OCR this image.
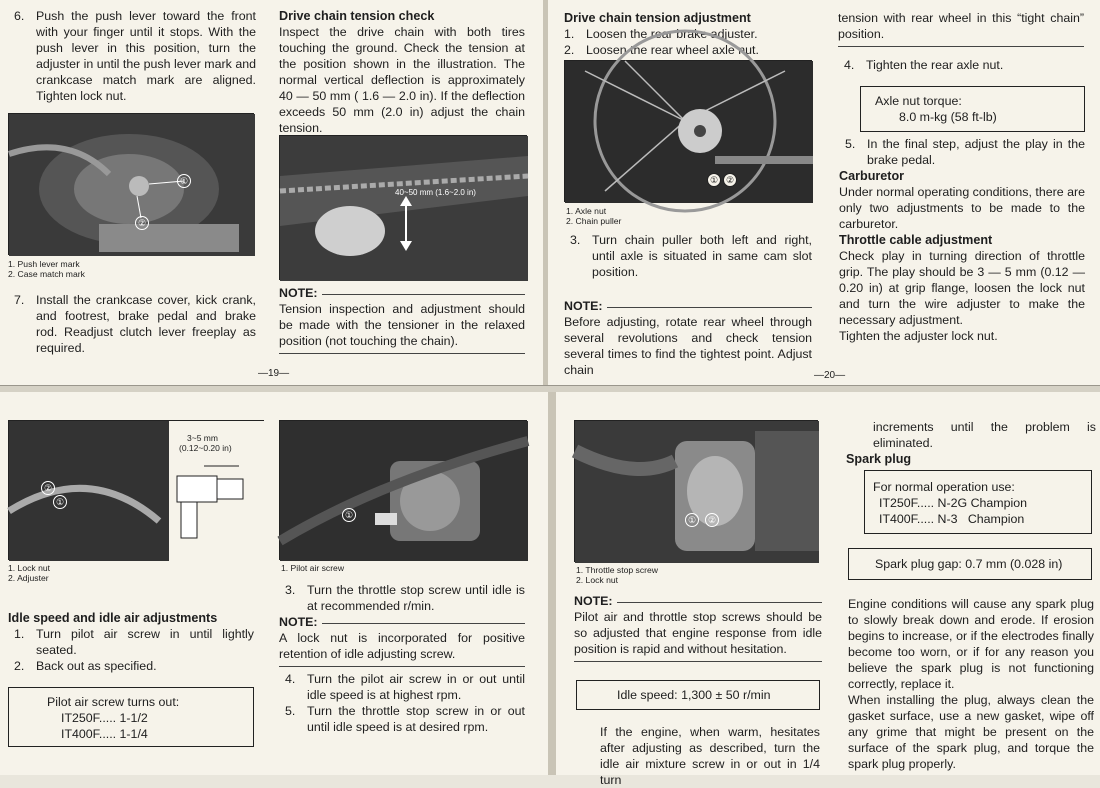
6. Push the push lever toward the front with your finger until it stops. With the push lever in this position, turn the adjuster in until the push lever mark and crankcase match mark are aligned. Tighten lock nut.
①
②
1. Push lever mark
2. Case match mark
7. Install the crankcase cover, kick crank, and footrest, brake pedal and brake rod. Readjust clutch lever freeplay as required.
Drive chain tension check
Inspect the drive chain with both tires touching the ground. Check the tension at the position shown in the illustration. The normal vertical deflection is approximately 40 — 50 mm ( 1.6 — 2.0 in). If the deflection exceeds 50 mm (2.0 in) adjust the chain tension.
40~50 mm (1.6~2.0 in)
NOTE:
Tension inspection and adjustment should be made with the tensioner in the relaxed position (not touching the chain).
—19—
Drive chain tension adjustment
1. Loosen the rear brake adjuster.
2. Loosen the rear wheel axle nut.
① ②
1. Axle nut
2. Chain puller
3. Turn chain puller both left and right, until axle is situated in same cam slot position.
NOTE:
Before adjusting, rotate rear wheel through several revolutions and check tension several times to find the tightest point. Adjust chain	—20—
tension with rear wheel in this “tight chain” position.
4. Tighten the rear axle nut.
Axle nut torque:
8.0 m-kg (58 ft-lb)
5. In the final step, adjust the play in the brake pedal.
Carburetor
Under normal operating conditions, there are only two adjustments to be made to the carburetor.
Throttle cable adjustment
Check play in turning direction of throttle grip. The play should be 3 — 5 mm (0.12 — 0.20 in) at grip flange, loosen the lock nut and turn the wire adjuster to make the necessary adjustment.
Tighten the adjuster lock nut.
②
①
3~5 mm
(0.12~0.20 in)
1. Lock nut
2. Adjuster
Idle speed and idle air adjustments
1. Turn pilot air screw in until lightly seated.
2. Back out as specified.
Pilot air screw turns out:
IT250F..... 1-1/2
IT400F..... 1-1/4
①
1. Pilot air screw
3. Turn the throttle stop screw until idle is at recommended r/min.
NOTE:
A lock nut is incorporated for positive retention of idle adjusting screw.
4. Turn the pilot air screw in or out until idle speed is at highest rpm.
5. Turn the throttle stop screw in or out until idle speed is at desired rpm.
①	②
1. Throttle stop screw
2. Lock nut
NOTE:
Pilot air and throttle stop screws should be so adjusted that engine response from idle position is rapid and without hesitation.
Idle speed: 1,300 ± 50 r/min
If the engine, when warm, hesitates after adjusting as described, turn the idle air mixture screw in or out in 1/4 turn
increments until the problem is eliminated.
Spark plug
For normal operation use:
IT250F..... N-2G Champion
IT400F..... N-3   Champion
Spark plug gap: 0.7 mm (0.028 in)
Engine conditions will cause any spark plug to slowly break down and erode. If erosion begins to increase, or if the electrodes finally become too worn, or if for any reason you believe the spark plug is not functioning correctly, replace it.
When installing the plug, always clean the gasket surface, use a new gasket, wipe off any grime that might be present on the surface of the spark plug, and torque the spark plug properly.
